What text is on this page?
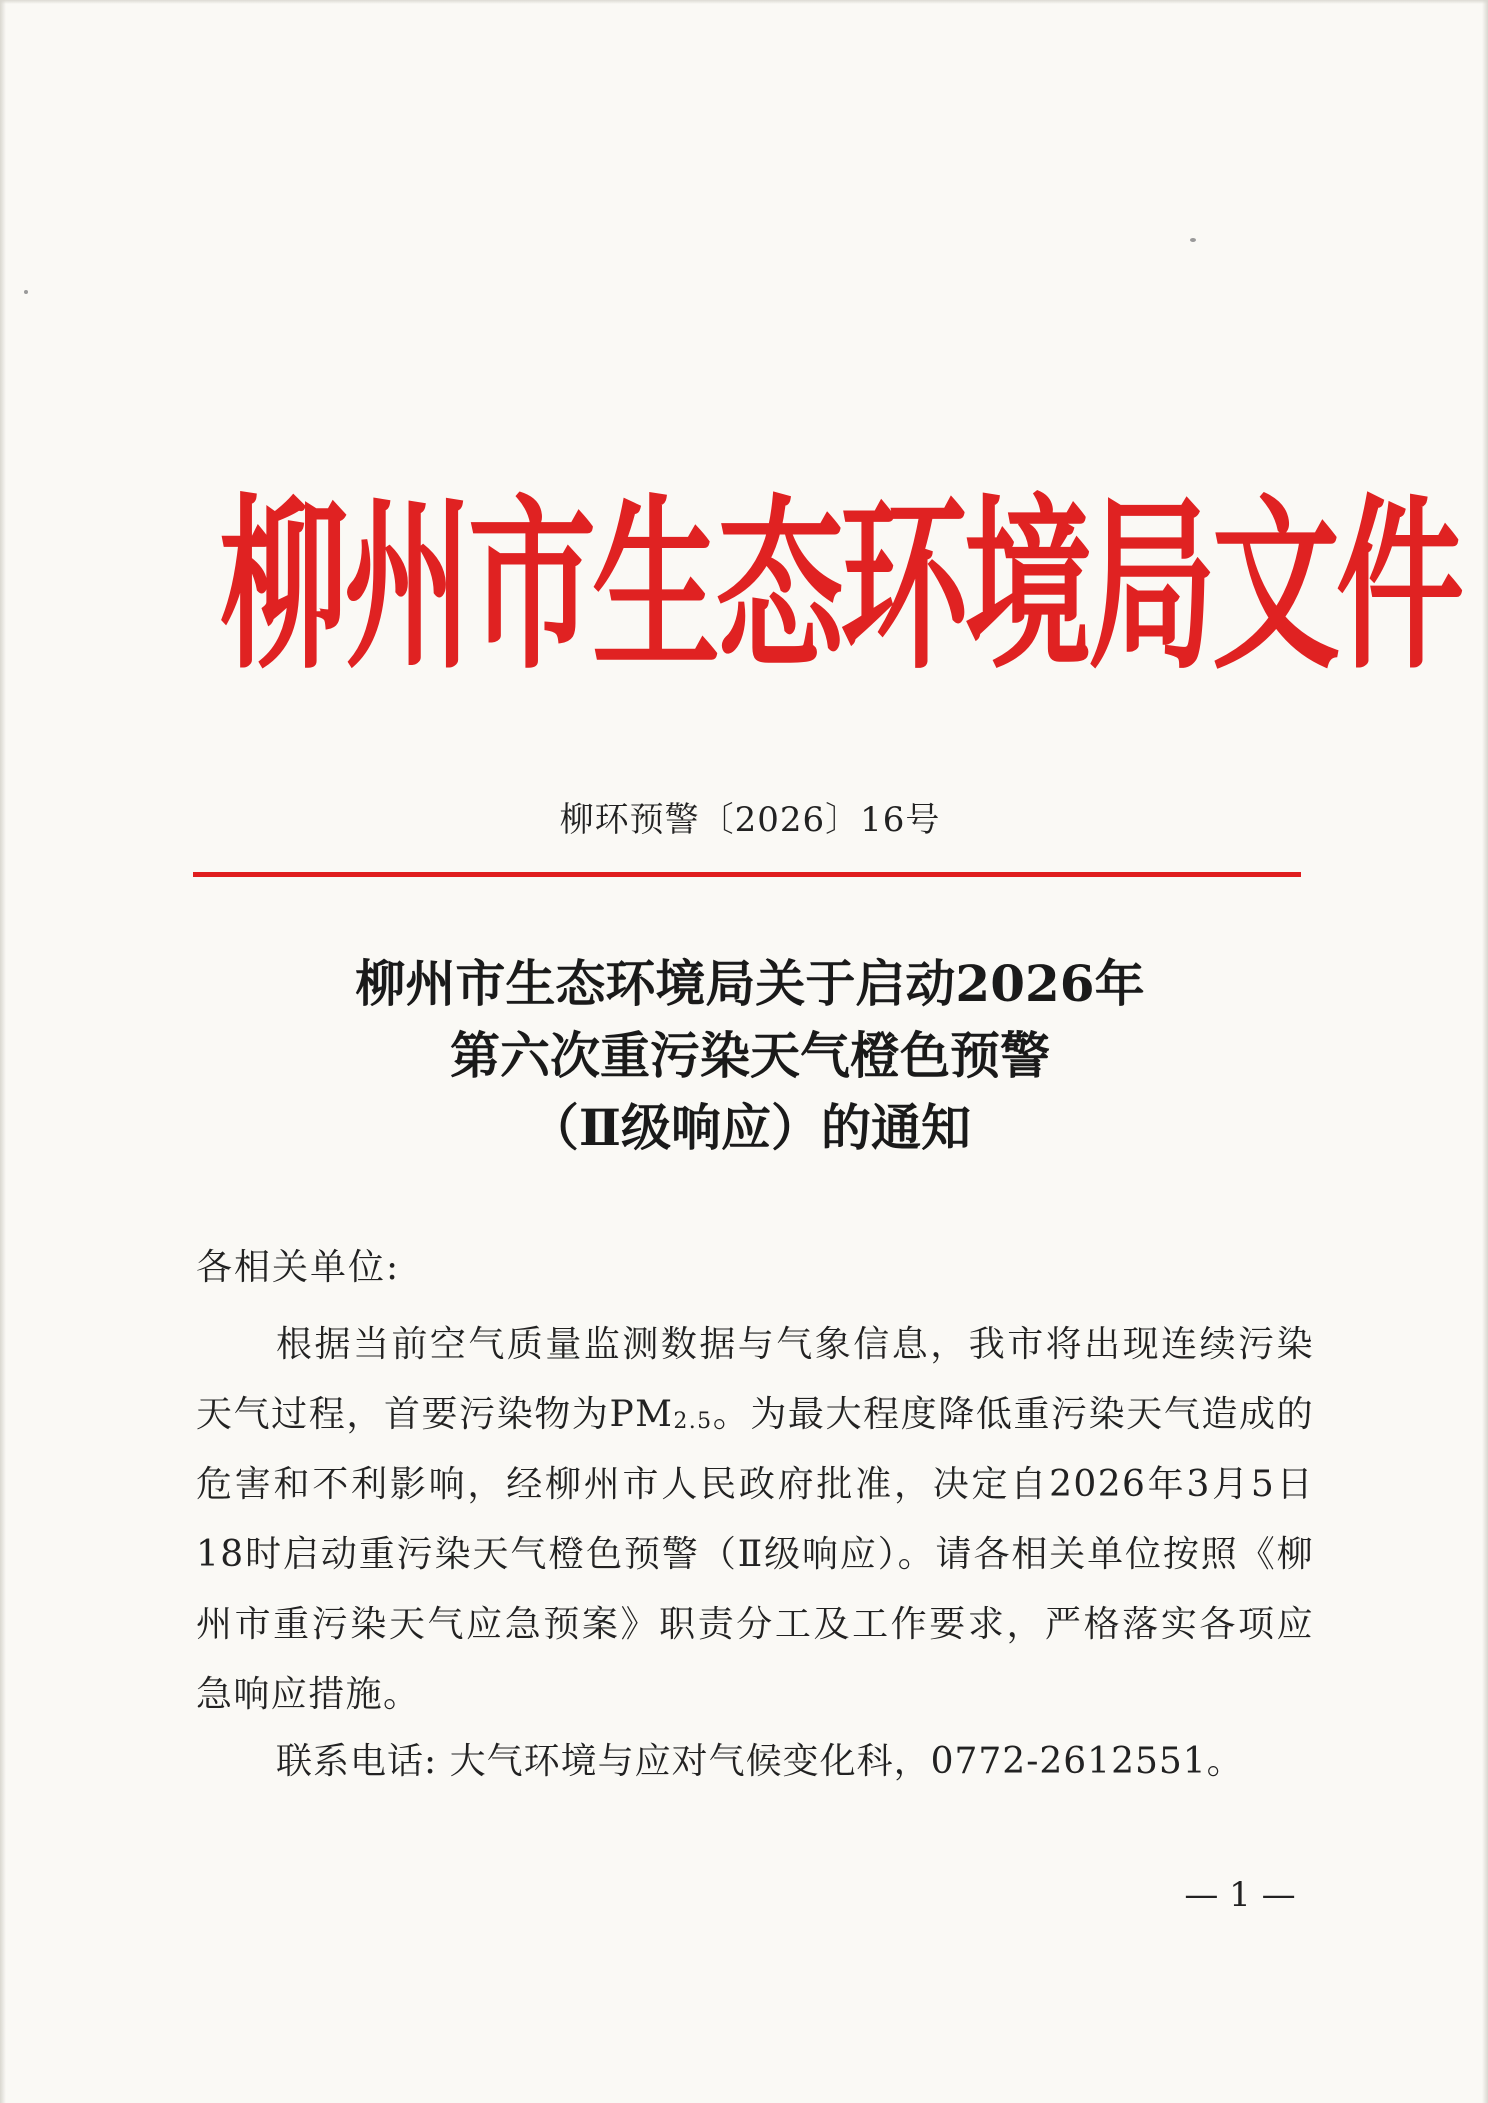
柳州市生态环境局文件
柳环预警〔2026〕16号
柳州市生态环境局关于启动2026年
第六次重污染天气橙色预警
（Ⅱ级响应）的通知
各相关单位:

根据当前空气质量监测数据与气象信息，我市将出现连续污染天气过程，首要污染物为$PM_{2.5}$。为最大程度降低重污染天气造成的危害和不利影响，经柳州市人民政府批准，决定自2026年3月5日18时启动重污染天气橙色预警（Ⅱ级响应）。请各相关单位按照《柳州市重污染天气应急预案》职责分工及工作要求，严格落实各项应急响应措施。

联系电话: 大气环境与应对气候变化科，0772-2612551。
— 1 —
